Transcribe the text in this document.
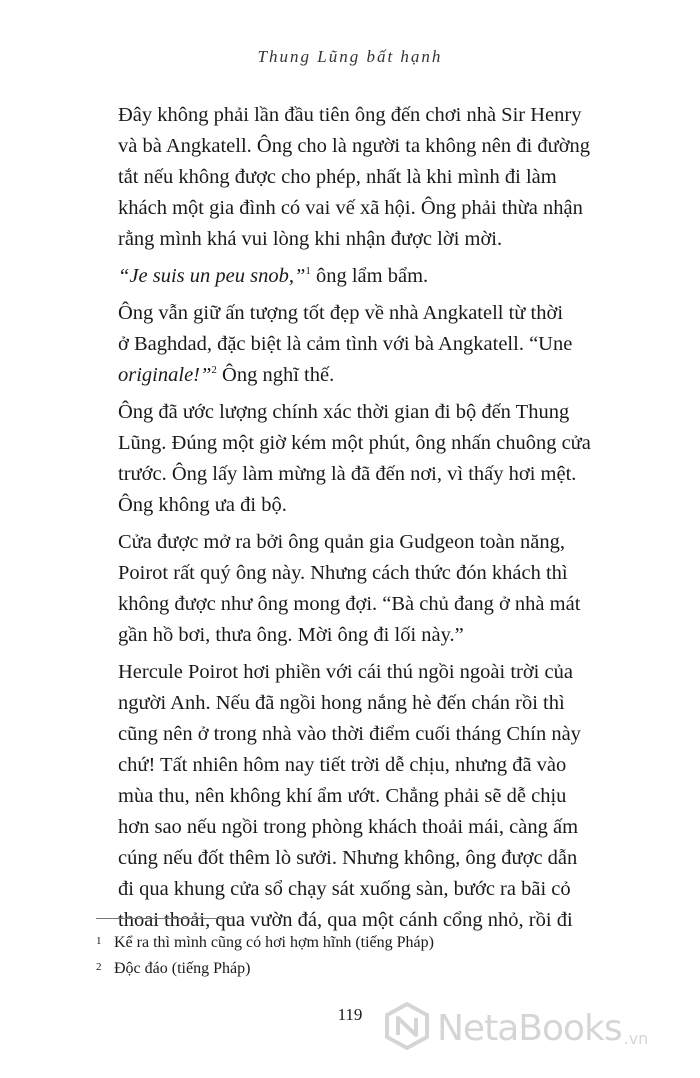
Thung Lũng bất hạnh

Đây không phải lần đầu tiên ông đến chơi nhà Sir Henry
và bà Angkatell. Ông cho là người ta không nên đi đường
tắt nếu không được cho phép, nhất là khi mình đi làm
khách một gia đình có vai vế xã hội. Ông phải thừa nhận
rằng mình khá vui lòng khi nhận được lời mời.

“Je suis un peu snob,”$^1$ ông lẩm bẩm.

Ông vẫn giữ ấn tượng tốt đẹp về nhà Angkatell từ thời
ở Baghdad, đặc biệt là cảm tình với bà Angkatell. “Une
originale!”$^2$ Ông nghĩ thế.

Ông đã ước lượng chính xác thời gian đi bộ đến Thung
Lũng. Đúng một giờ kém một phút, ông nhấn chuông cửa
trước. Ông lấy làm mừng là đã đến nơi, vì thấy hơi mệt.
Ông không ưa đi bộ.

Cửa được mở ra bởi ông quản gia Gudgeon toàn năng,
Poirot rất quý ông này. Nhưng cách thức đón khách thì
không được như ông mong đợi. “Bà chủ đang ở nhà mát
gần hồ bơi, thưa ông. Mời ông đi lối này.”

Hercule Poirot hơi phiền với cái thú ngồi ngoài trời của
người Anh. Nếu đã ngồi hong nắng hè đến chán rồi thì
cũng nên ở trong nhà vào thời điểm cuối tháng Chín này
chứ! Tất nhiên hôm nay tiết trời dễ chịu, nhưng đã vào
mùa thu, nên không khí ẩm ướt. Chẳng phải sẽ dễ chịu
hơn sao nếu ngồi trong phòng khách thoải mái, càng ấm
cúng nếu đốt thêm lò sưởi. Nhưng không, ông được dẫn
đi qua khung cửa sổ chạy sát xuống sàn, bước ra bãi cỏ
thoai thoải, qua vườn đá, qua một cánh cổng nhỏ, rồi đi

1 Kể ra thì mình cũng có hơi hợm hĩnh (tiếng Pháp)
2 Độc đáo (tiếng Pháp)
119	NetaBooks .vn
